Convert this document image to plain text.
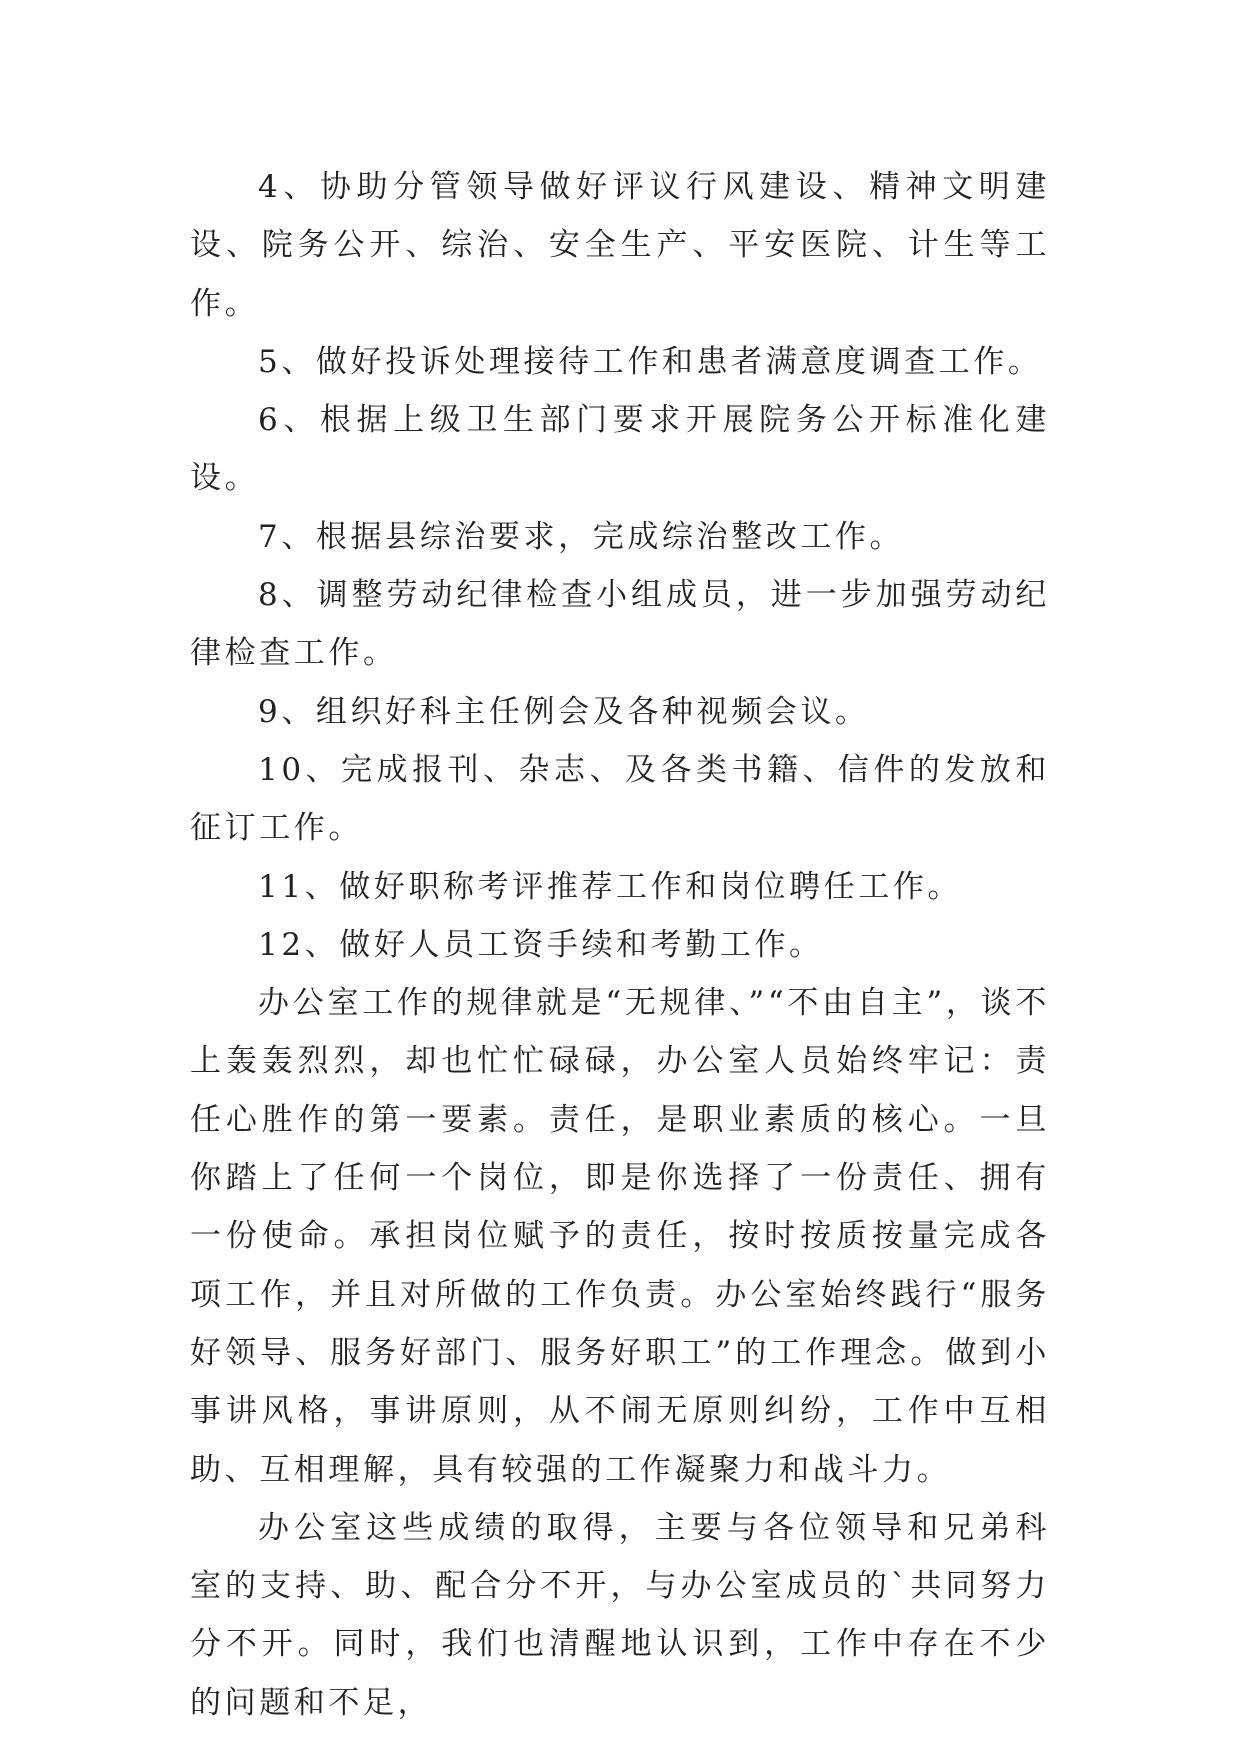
4、协助分管领导做好评议行风建设、精神文明建设、院务公开、综治、安全生产、平安医院、计生等工作。

5、做好投诉处理接待工作和患者满意度调查工作。

6、根据上级卫生部门要求开展院务公开标准化建设。

7、根据县综治要求，完成综治整改工作。

8、调整劳动纪律检查小组成员，进一步加强劳动纪律检查工作。

9、组织好科主任例会及各种视频会议。

10、完成报刊、杂志、及各类书籍、信件的发放和征订工作。

11、做好职称考评推荐工作和岗位聘任工作。

12、做好人员工资手续和考勤工作。

办公室工作的规律就是“无规律、”“不由自主”，谈不上轰轰烈烈，却也忙忙碌碌，办公室人员始终牢记：责任心胜作的第一要素。责任，是职业素质的核心。一旦你踏上了任何一个岗位，即是你选择了一份责任、拥有一份使命。承担岗位赋予的责任，按时按质按量完成各项工作，并且对所做的工作负责。办公室始终践行“服务好领导、服务好部门、服务好职工”的工作理念。做到小事讲风格，事讲原则，从不闹无原则纠纷，工作中互相助、互相理解，具有较强的工作凝聚力和战斗力。

办公室这些成绩的取得，主要与各位领导和兄弟科室的支持、助、配合分不开，与办公室成员的`共同努力分不开。同时，我们也清醒地认识到，工作中存在不少的问题和不足，
